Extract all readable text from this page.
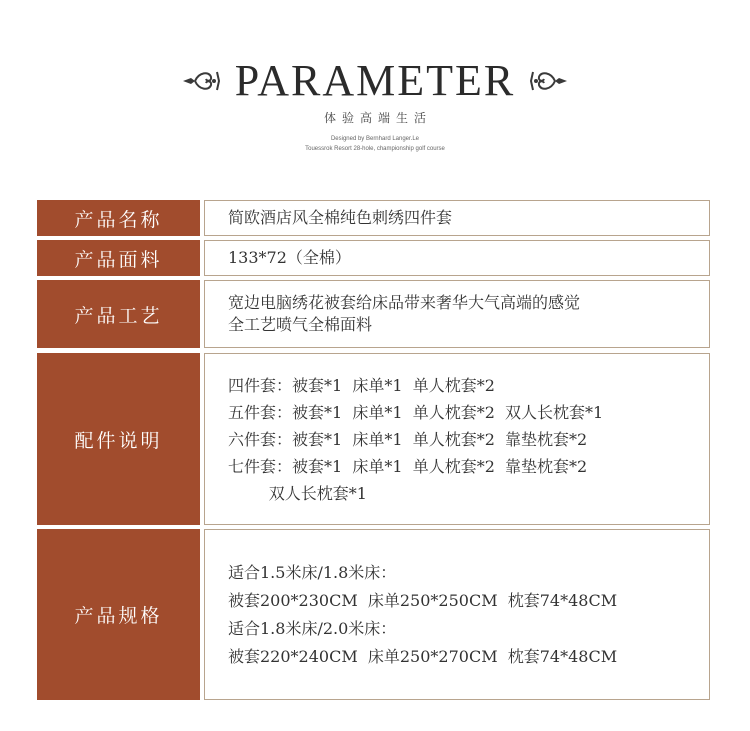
PARAMETER
体验高端生活
Designed by Bernhard Langer.Le
Touessrok Resort 28-hole, championship golf course
产品名称	简欧酒店风全棉纯色刺绣四件套
产品面料	133*72（全棉）
产品工艺
宽边电脑绣花被套给床品带来奢华大气高端的感觉
全工艺喷气全棉面料
配件说明
四件套：被套*1  床单*1  单人枕套*2
五件套：被套*1  床单*1  单人枕套*2  双人长枕套*1
六件套：被套*1  床单*1  单人枕套*2  靠垫枕套*2
七件套：被套*1  床单*1  单人枕套*2  靠垫枕套*2
双人长枕套*1
产品规格
适合1.5米床/1.8米床：
被套200*230CM  床单250*250CM  枕套74*48CM
适合1.8米床/2.0米床：
被套220*240CM  床单250*270CM  枕套74*48CM
